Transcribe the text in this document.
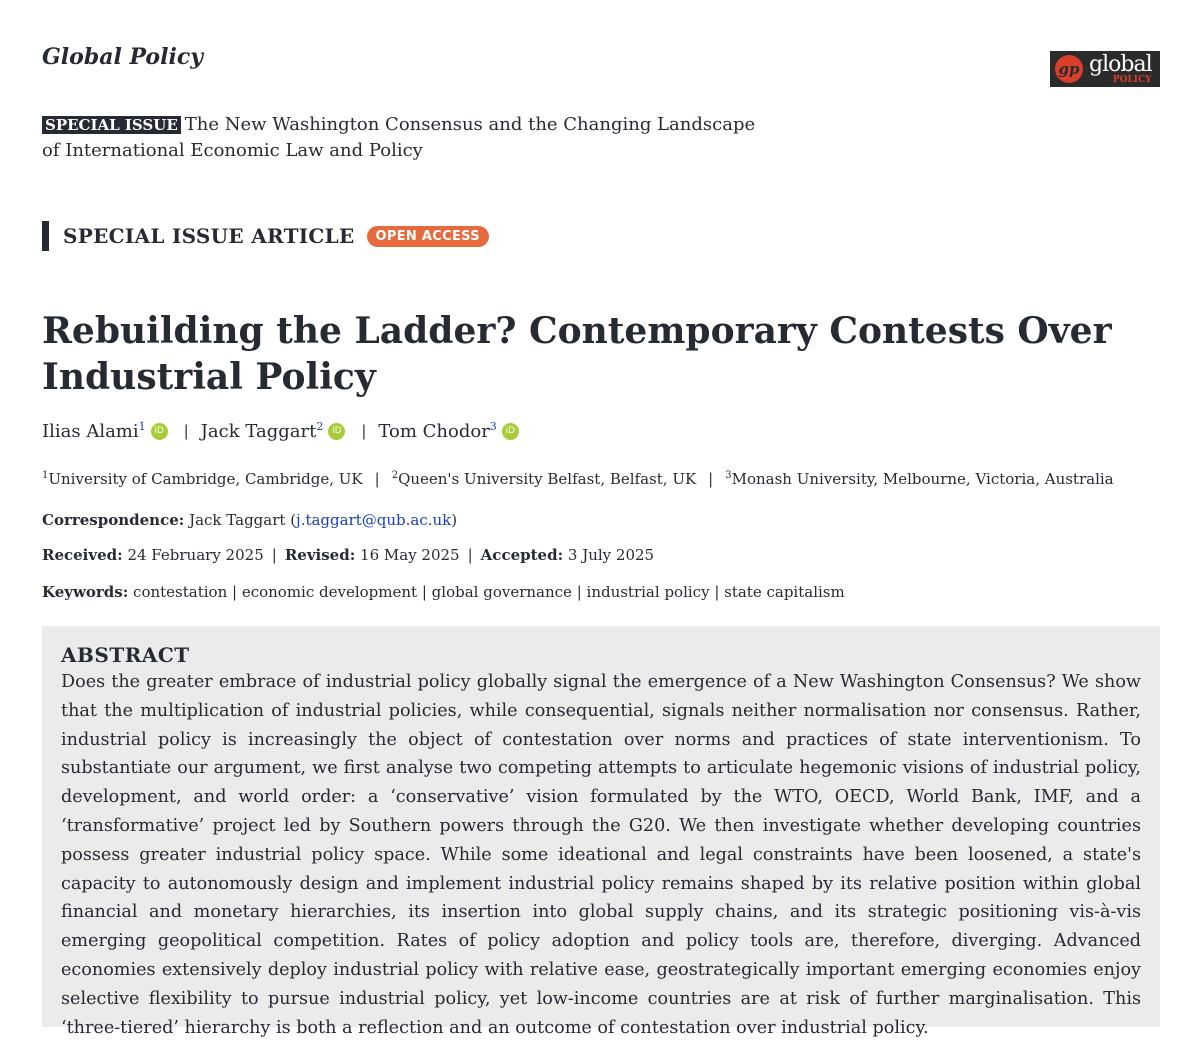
Global Policy	gp global
POLICY
SPECIAL ISSUE The New Washington Consensus and the Changing Landscape of International Economic Law and Policy
SPECIAL ISSUE ARTICLE	OPEN ACCESS
Rebuilding the Ladder? Contemporary Contests Over Industrial Policy
Ilias Alami$^1$ iD | Jack Taggart$^2$ iD | Tom Chodor$^3$ iD
$^1$University of Cambridge, Cambridge, UK | $^2$Queen's University Belfast, Belfast, UK | $^3$Monash University, Melbourne, Victoria, Australia
Correspondence: Jack Taggart (j.taggart@qub.ac.uk)
Received: 24 February 2025 | Revised: 16 May 2025 | Accepted: 3 July 2025
Keywords: contestation | economic development | global governance | industrial policy | state capitalism
ABSTRACT

Does the greater embrace of industrial policy globally signal the emergence of a New Washington Consensus? We show that the multiplication of industrial policies, while consequential, signals neither normalisation nor consensus. Rather, industrial policy is increasingly the object of contestation over norms and practices of state interventionism. To substantiate our argument, we first analyse two competing attempts to articulate hegemonic visions of industrial policy, development, and world order: a ‘conservative’ vision formulated by the WTO, OECD, World Bank, IMF, and a ‘transformative’ project led by Southern powers through the G20. We then investigate whether developing countries possess greater industrial policy space. While some ideational and legal constraints have been loosened, a state's capacity to autonomously design and implement industrial policy remains shaped by its relative position within global financial and monetary hierarchies, its insertion into global supply chains, and its strategic positioning vis-à-vis emerging geopolitical competition. Rates of policy adoption and policy tools are, therefore, diverging. Advanced economies extensively deploy industrial policy with relative ease, geostrategically important emerging economies enjoy selective flexibility to pursue industrial policy, yet low-income countries are at risk of further marginalisation. This ‘three-tiered’ hierarchy is both a reflection and an outcome of contestation over industrial policy.
